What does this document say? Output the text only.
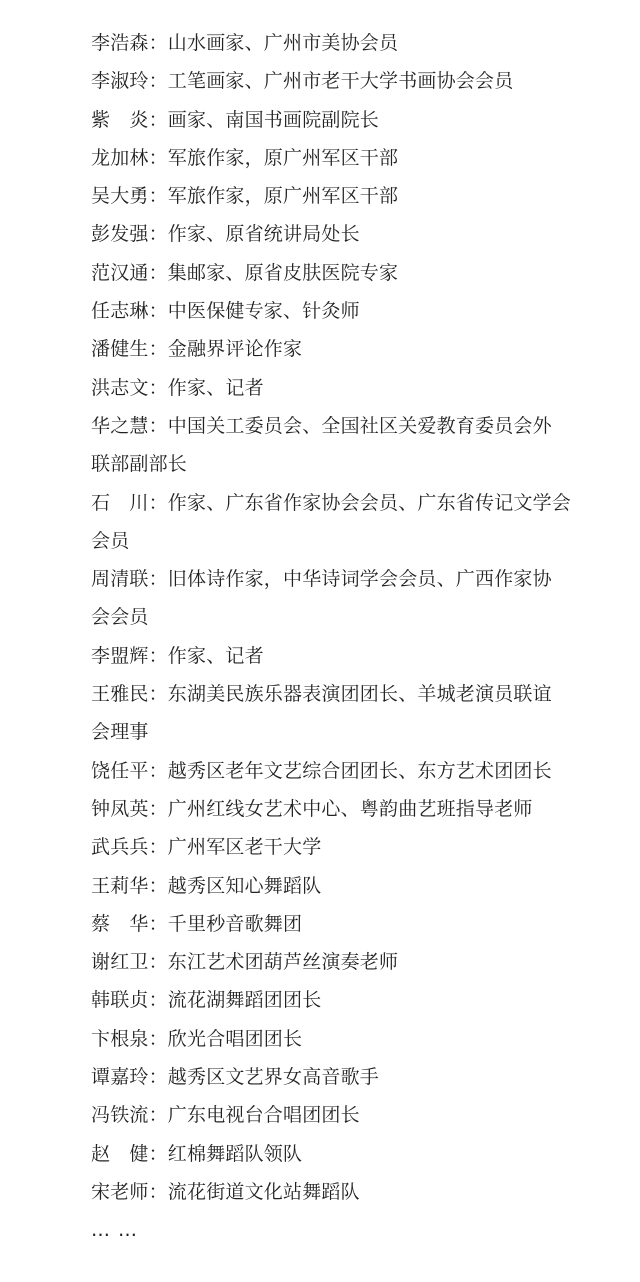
李浩森：山水画家、广州市美协会员
李淑玲：工笔画家、广州市老干大学书画协会会员
紫　炎：画家、南国书画院副院长
龙加林：军旅作家，原广州军区干部
吴大勇：军旅作家，原广州军区干部
彭发强：作家、原省统讲局处长
范汉通：集邮家、原省皮肤医院专家
任志琳：中医保健专家、针灸师
潘健生：金融界评论作家
洪志文：作家、记者
华之慧：中国关工委员会、全国社区关爱教育委员会外
联部副部长
石　川：作家、广东省作家协会会员、广东省传记文学会
会员
周清联：旧体诗作家，中华诗词学会会员、广西作家协
会会员
李盟辉：作家、记者
王雅民：东湖美民族乐器表演团团长、羊城老演员联谊
会理事
饶任平：越秀区老年文艺综合团团长、东方艺术团团长
钟凤英：广州红线女艺术中心、粤韵曲艺班指导老师
武兵兵：广州军区老干大学
王莉华：越秀区知心舞蹈队
蔡　华：千里秒音歌舞团
谢红卫：东江艺术团葫芦丝演奏老师
韩联贞：流花湖舞蹈团团长
卞根泉：欣光合唱团团长
谭嘉玲：越秀区文艺界女高音歌手
冯铁流：广东电视台合唱团团长
赵　健：红棉舞蹈队领队
宋老师：流花街道文化站舞蹈队
… …
